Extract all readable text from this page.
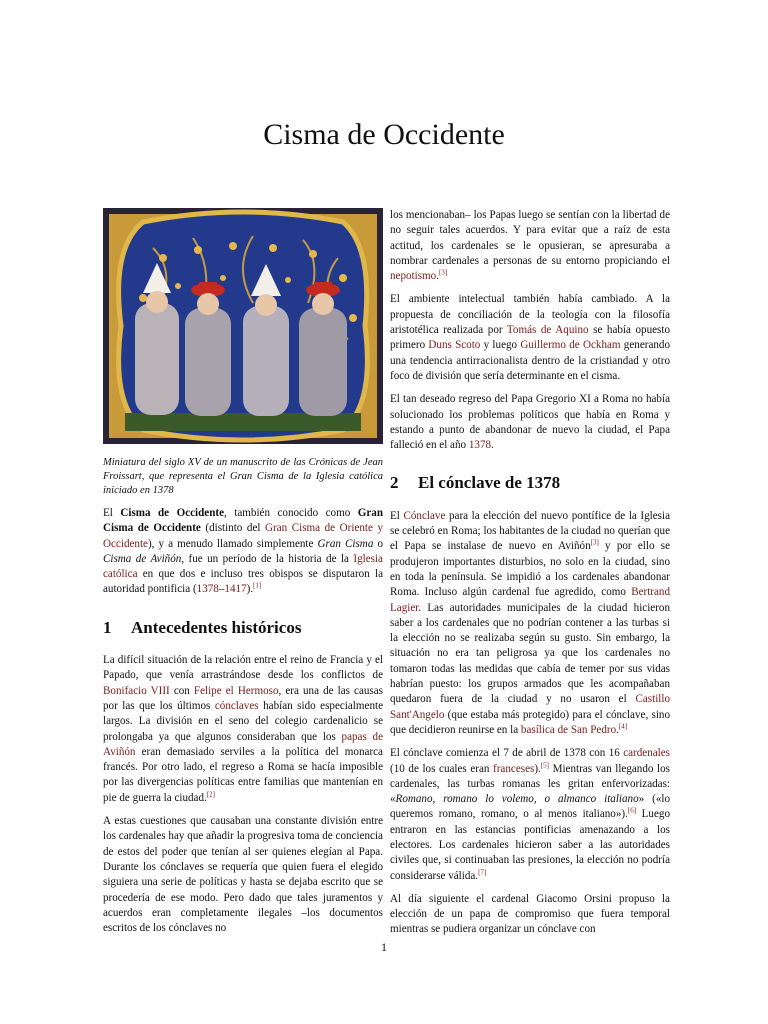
Cisma de Occidente

Miniatura del siglo XV de un manuscrito de las Crónicas de Jean Froissart, que representa el Gran Cisma de la Iglesia católica iniciado en 1378

El Cisma de Occidente, también conocido como Gran Cisma de Occidente (distinto del Gran Cisma de Oriente y Occidente), y a menudo llamado simplemente Gran Cisma o Cisma de Aviñón, fue un período de la historia de la Iglesia católica en que dos e incluso tres obispos se disputaron la autoridad pontificia (1378–1417).[1]

1 Antecedentes históricos

La difícil situación de la relación entre el reino de Francia y el Papado, que venía arrastrándose desde los conflictos de Bonifacio VIII con Felipe el Hermoso, era una de las causas por las que los últimos cónclaves habían sido especialmente largos. La división en el seno del colegio cardenalicio se prolongaba ya que algunos consideraban que los papas de Aviñón eran demasiado serviles a la política del monarca francés. Por otro lado, el regreso a Roma se hacía imposible por las divergencias políticas entre familias que mantenían en pie de guerra la ciudad.[2]

A estas cuestiones que causaban una constante división entre los cardenales hay que añadir la progresiva toma de conciencia de estos del poder que tenían al ser quienes elegían al Papa. Durante los cónclaves se requería que quien fuera el elegido siguiera una serie de políticas y hasta se dejaba escrito que se procedería de ese modo. Pero dado que tales juramentos y acuerdos eran completamente ilegales –los documentos escritos de los cónclaves no

los mencionaban– los Papas luego se sentían con la libertad de no seguir tales acuerdos. Y para evitar que a raíz de esta actitud, los cardenales se le opusieran, se apresuraba a nombrar cardenales a personas de su entorno propiciando el nepotismo.[3]

El ambiente intelectual también había cambiado. A la propuesta de conciliación de la teología con la filosofía aristotélica realizada por Tomás de Aquino se había opuesto primero Duns Scoto y luego Guillermo de Ockham generando una tendencia antirracionalista dentro de la cristiandad y otro foco de división que sería determinante en el cisma.

El tan deseado regreso del Papa Gregorio XI a Roma no había solucionado los problemas políticos que había en Roma y estando a punto de abandonar de nuevo la ciudad, el Papa falleció en el año 1378.

2 El cónclave de 1378

El Cónclave para la elección del nuevo pontífice de la Iglesia se celebró en Roma; los habitantes de la ciudad no querían que el Papa se instalase de nuevo en Aviñón[3] y por ello se produjeron importantes disturbios, no solo en la ciudad, sino en toda la península. Se impidió a los cardenales abandonar Roma. Incluso algún cardenal fue agredido, como Bertrand Lagier. Las autoridades municipales de la ciudad hicieron saber a los cardenales que no podrían contener a las turbas si la elección no se realizaba según su gusto. Sin embargo, la situación no era tan peligrosa ya que los cardenales no tomaron todas las medidas que cabía de temer por sus vidas habrían puesto: los grupos armados que les acompañaban quedaron fuera de la ciudad y no usaron el Castillo Sant'Angelo (que estaba más protegido) para el cónclave, sino que decidieron reunirse en la basílica de San Pedro.[4]

El cónclave comienza el 7 de abril de 1378 con 16 cardenales (10 de los cuales eran franceses).[5] Mientras van llegando los cardenales, las turbas romanas les gritan enfervorizadas: «Romano, romano lo volemo, o almanco italiano» («lo queremos romano, romano, o al menos italiano»).[6] Luego entraron en las estancias pontificias amenazando a los electores. Los cardenales hicieron saber a las autoridades civiles que, si continuaban las presiones, la elección no podría considerarse válida.[7]

Al día siguiente el cardenal Giacomo Orsini propuso la elección de un papa de compromiso que fuera temporal mientras se pudiera organizar un cónclave con

1
